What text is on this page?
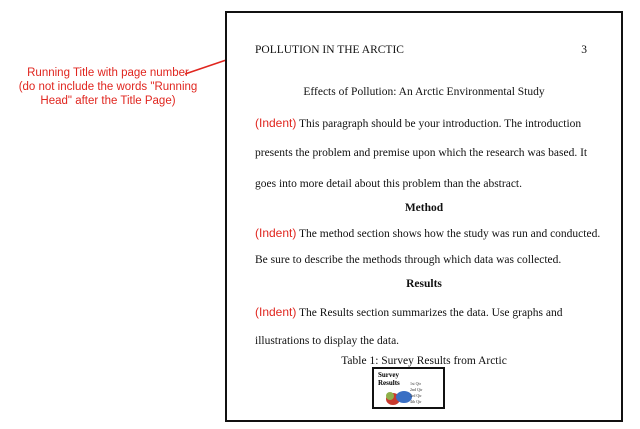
Running Title with page number
(do not include the words "Running
Head" after the Title Page)
POLLUTION IN THE ARCTIC	3
Effects of Pollution: An Arctic Environmental Study
(Indent) This paragraph should be your introduction. The introduction
presents the problem and premise upon which the research was based. It
goes into more detail about this problem than the abstract.
Method
(Indent) The method section shows how the study was run and conducted.
Be sure to describe the methods through which data was collected.
Results
(Indent) The Results section summarizes the data. Use graphs and
illustrations to display the data.
Table 1: Survey Results from Arctic
Survey
Results	1st Qtr
2nd Qtr
3rd Qtr
4th Qtr
